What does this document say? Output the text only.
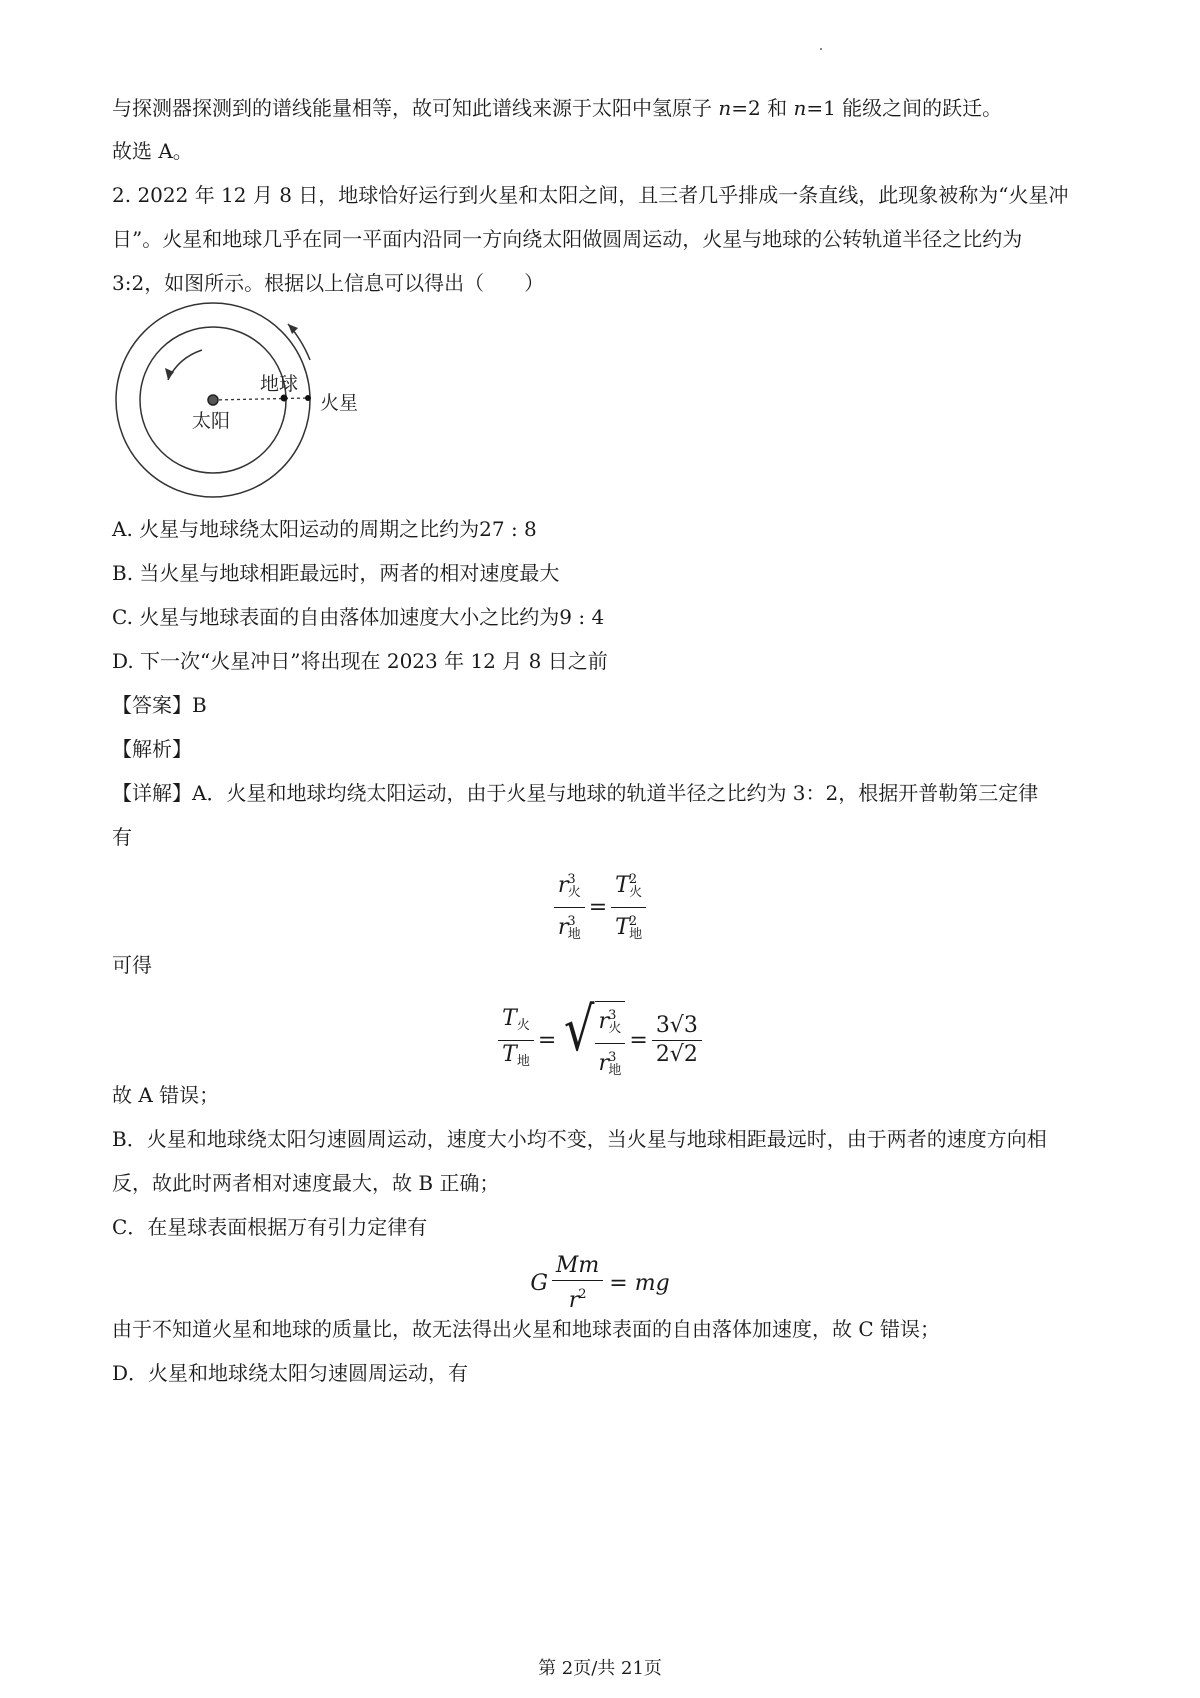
与探测器探测到的谱线能量相等，故可知此谱线来源于太阳中氢原子 n=2 和 n=1 能级之间的跃迁。
故选 A。
2. 2022 年 12 月 8 日，地球恰好运行到火星和太阳之间，且三者几乎排成一条直线，此现象被称为“火星冲
日”。火星和地球几乎在同一平面内沿同一方向绕太阳做圆周运动，火星与地球的公转轨道半径之比约为
3:2，如图所示。根据以上信息可以得出（　　）
地球
火星
太阳
A. 火星与地球绕太阳运动的周期之比约为27 : 8
B. 当火星与地球相距最远时，两者的相对速度最大
C. 火星与地球表面的自由落体加速度大小之比约为9 : 4
D. 下一次“火星冲日”将出现在 2023 年 12 月 8 日之前
【答案】B
【解析】
【详解】A．火星和地球均绕太阳运动，由于火星与地球的轨道半径之比约为 3：2，根据开普勒第三定律
有
$\frac{r^3_火}{r^3_地} = \frac{T^2_火}{T^2_地}$
可得
$\frac{T_火}{T_地}$ = √ $\frac{r^3_火}{r^3_地} = \frac{3√3}{2√2}$
故 A 错误；
B．火星和地球绕太阳匀速圆周运动，速度大小均不变，当火星与地球相距最远时，由于两者的速度方向相
反，故此时两者相对速度最大，故 B 正确；
C．在星球表面根据万有引力定律有
G $\frac{Mm}{r^2}$ = mg
由于不知道火星和地球的质量比，故无法得出火星和地球表面的自由落体加速度，故 C 错误；
D．火星和地球绕太阳匀速圆周运动，有
第 2页/共 21页
